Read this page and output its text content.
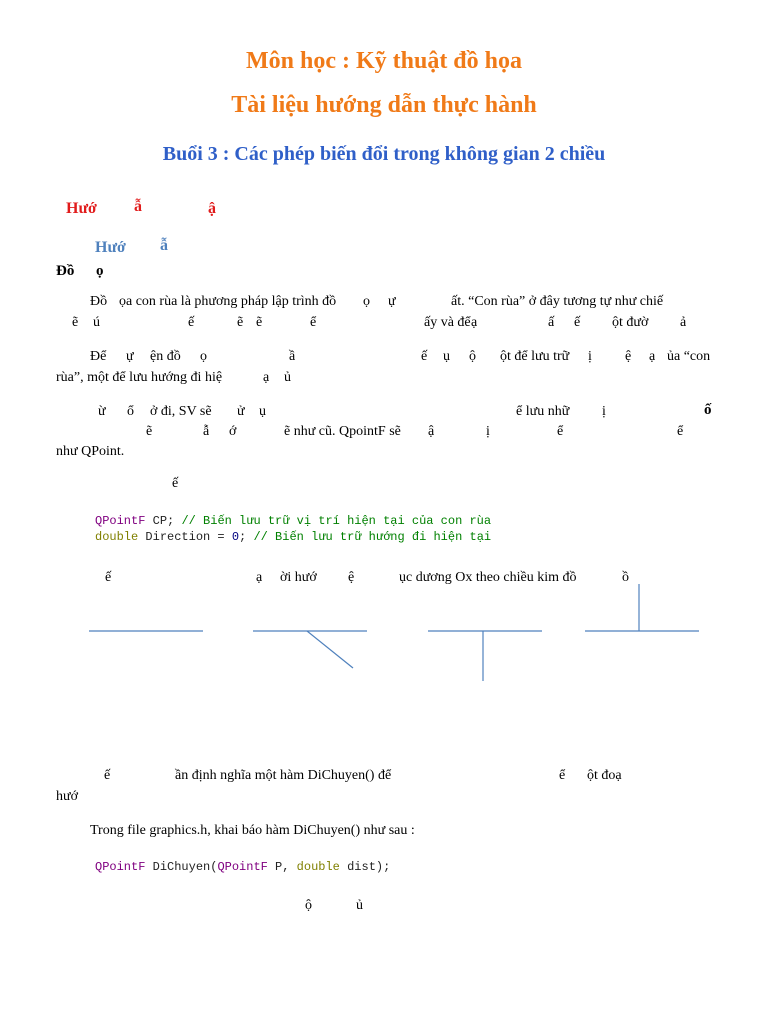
Môn học : Kỹ thuật đồ họa
Tài liệu hướng dẫn thực hành
Buổi 3 : Các phép biến đổi trong không gian 2 chiều
Hướ ẫ	ậ
Hướ ẫ
Đồ ọ
Đồ ọa con rùa là phương pháp lập trình đồ ọ ự	ất. “Con rùa” ở đây tương tự như chiế
ẽ ú	ế	ẽ ẽ	ể	ấy và để ạ	ấ ế ột đườ ả
Để ự ện đồ ọ	ầ	ế ụ ộ ột để lưu trữ ị ệ ạ ủa “con
rùa”, một để lưu hướng đi hiệ	ạ ủ
ừ ổ ở đi, SV sẽ ử ụ	ể lưu nhữ ị	ố
ẽ	ẫ ớ	ẽ như cũ. QpointF sẽ ậ	ị	ể	ể
như QPoint.
ế
QPointF CP; // Biến lưu trữ vị trí hiện tại của con rùa
double Direction = 0; // Biến lưu trữ hướng đi hiện tại
ế	ạ ời hướ ệ	ục dương Ox theo chiều kim đồ	ồ
ế	ần định nghĩa một hàm DiChuyen() để	ể ột đoạ
hướ
Trong file graphics.h, khai báo hàm DiChuyen() như sau :
QPointF DiChuyen(QPointF P, double dist);
ộ	ủ
